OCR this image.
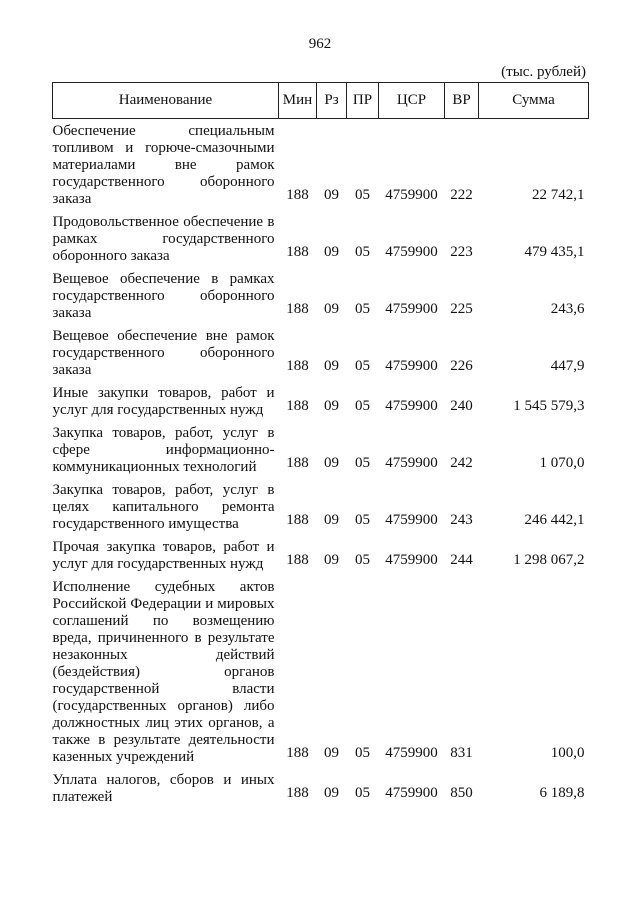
962
(тыс. рублей)
Наименование	Мин	Рз	ПР	ЦСР	ВР	Сумма
Обеспечение специальным топливом и горюче-смазочными материалами вне рамок государственного оборонного заказа	188	09	05	4759900	222	22 742,1
Продовольственное обеспечение в рамках государственного оборонного заказа	188	09	05	4759900	223	479 435,1
Вещевое обеспечение в рамках государственного оборонного заказа	188	09	05	4759900	225	243,6
Вещевое обеспечение вне рамок государственного оборонного заказа	188	09	05	4759900	226	447,9
Иные закупки товаров, работ и услуг для государственных нужд	188	09	05	4759900	240	1 545 579,3
Закупка товаров, работ, услуг в сфере информационно-коммуникационных технологий	188	09	05	4759900	242	1 070,0
Закупка товаров, работ, услуг в целях капитального ремонта государственного имущества	188	09	05	4759900	243	246 442,1
Прочая закупка товаров, работ и услуг для государственных нужд	188	09	05	4759900	244	1 298 067,2
Исполнение судебных актов Российской Федерации и мировых соглашений по возмещению вреда, причиненного в результате незаконных действий (бездействия) органов государственной власти (государственных органов) либо должностных лиц этих органов, а также в результате деятельности казенных учреждений	188	09	05	4759900	831	100,0
Уплата налогов, сборов и иных платежей	188	09	05	4759900	850	6 189,8
